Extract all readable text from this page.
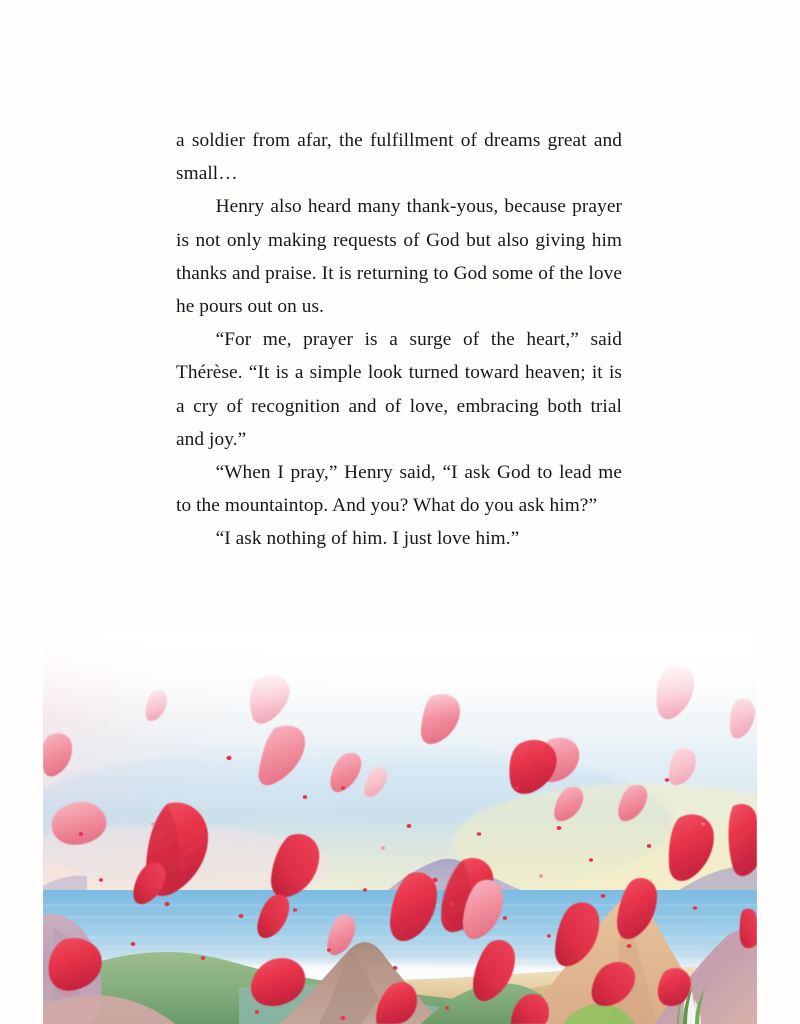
a soldier from afar, the fulfillment of dreams great and small…

Henry also heard many thank-yous, because prayer is not only making requests of God but also giving him thanks and praise. It is returning to God some of the love he pours out on us.

“For me, prayer is a surge of the heart,” said Thérèse. “It is a simple look turned toward heaven; it is a cry of recognition and of love, embracing both trial and joy.”

“When I pray,” Henry said, “I ask God to lead me to the mountaintop. And you? What do you ask him?”

“I ask nothing of him. I just love him.”
